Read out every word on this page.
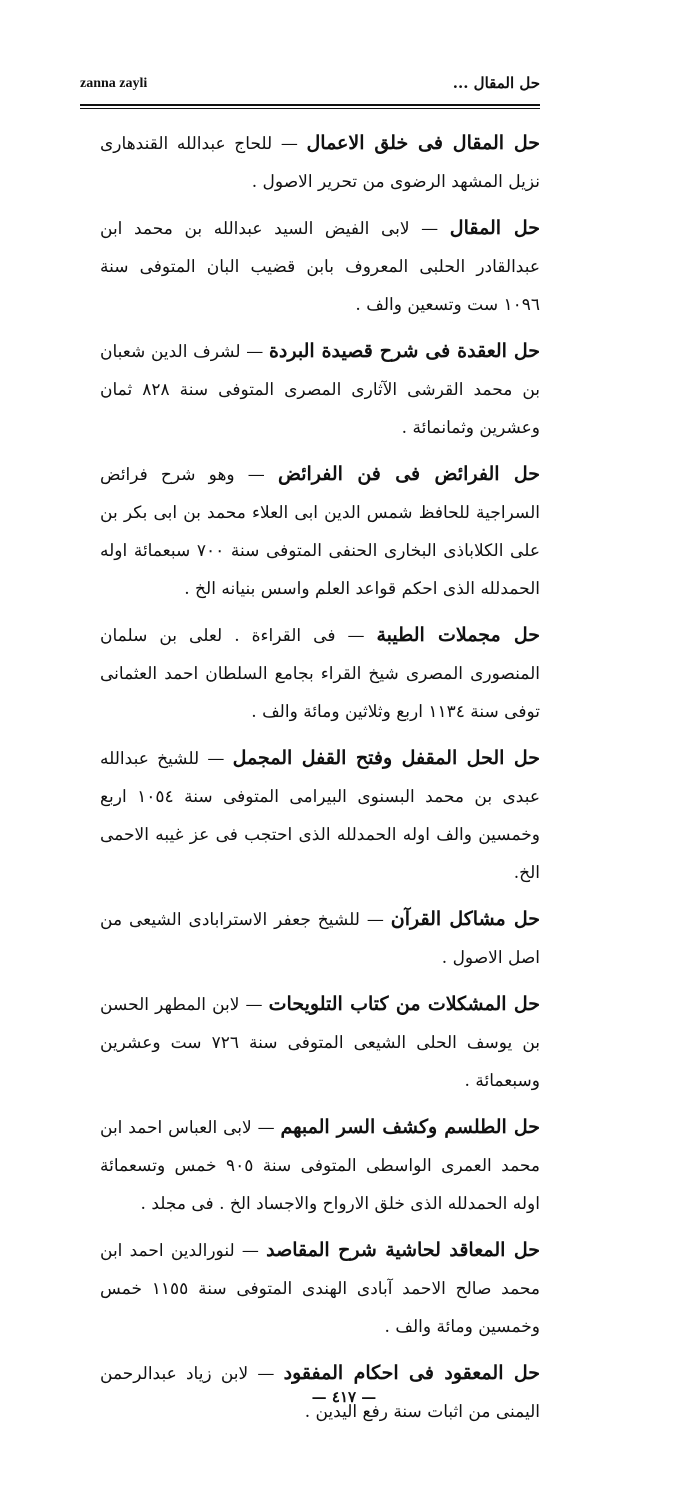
zanna zayli	حل المقال ...

حل المقال فى خلق الاعمال — للحاج عبدالله القندهارى نزيل المشهد الرضوى من تحرير الاصول .

حل المقال — لابى الفيض السيد عبدالله بن محمد ابن عبدالقادر الحلبى المعروف بابن قضيب البان المتوفى سنة ١٠٩٦ ست وتسعين والف .

حل العقدة فى شرح قصيدة البردة — لشرف الدين شعبان بن محمد القرشى الآثارى المصرى المتوفى سنة ٨٢٨ ثمان وعشرين وثمانمائة .

حل الفرائض فى فن الفرائض — وهو شرح فرائض السراجية للحافظ شمس الدين ابى العلاء محمد بن ابى بكر بن على الكلاباذى البخارى الحنفى المتوفى سنة ٧٠٠ سبعمائة اوله الحمدلله الذى احكم قواعد العلم واسس بنيانه الخ .

حل مجملات الطيبة — فى القراءة . لعلى بن سلمان المنصورى المصرى شيخ القراء بجامع السلطان احمد العثمانى توفى سنة ١١٣٤ اربع وثلاثين ومائة والف .

حل الحل المقفل وفتح القفل المجمل — للشيخ عبدالله عبدى بن محمد البسنوى البيرامى المتوفى سنة ١٠٥٤ اربع وخمسين والف اوله الحمدلله الذى احتجب فى عز غيبه الاحمى الخ.

حل مشاكل القرآن — للشيخ جعفر الاسترابادى الشيعى من اصل الاصول .

حل المشكلات من كتاب التلويحات — لابن المطهر الحسن بن يوسف الحلى الشيعى المتوفى سنة ٧٢٦ ست وعشرين وسبعمائة .

حل الطلسم وكشف السر المبهم — لابى العباس احمد ابن محمد العمرى الواسطى المتوفى سنة ٩٠٥ خمس وتسعمائة اوله الحمدلله الذى خلق الارواح والاجساد الخ . فى مجلد .

حل المعاقد لحاشية شرح المقاصد — لنورالدين احمد ابن محمد صالح الاحمد آبادى الهندى المتوفى سنة ١١٥٥ خمس وخمسين ومائة والف .

حل المعقود فى احكام المفقود — لابن زياد عبدالرحمن اليمنى من اثبات سنة رفع اليدين .

— ٤١٧ —
